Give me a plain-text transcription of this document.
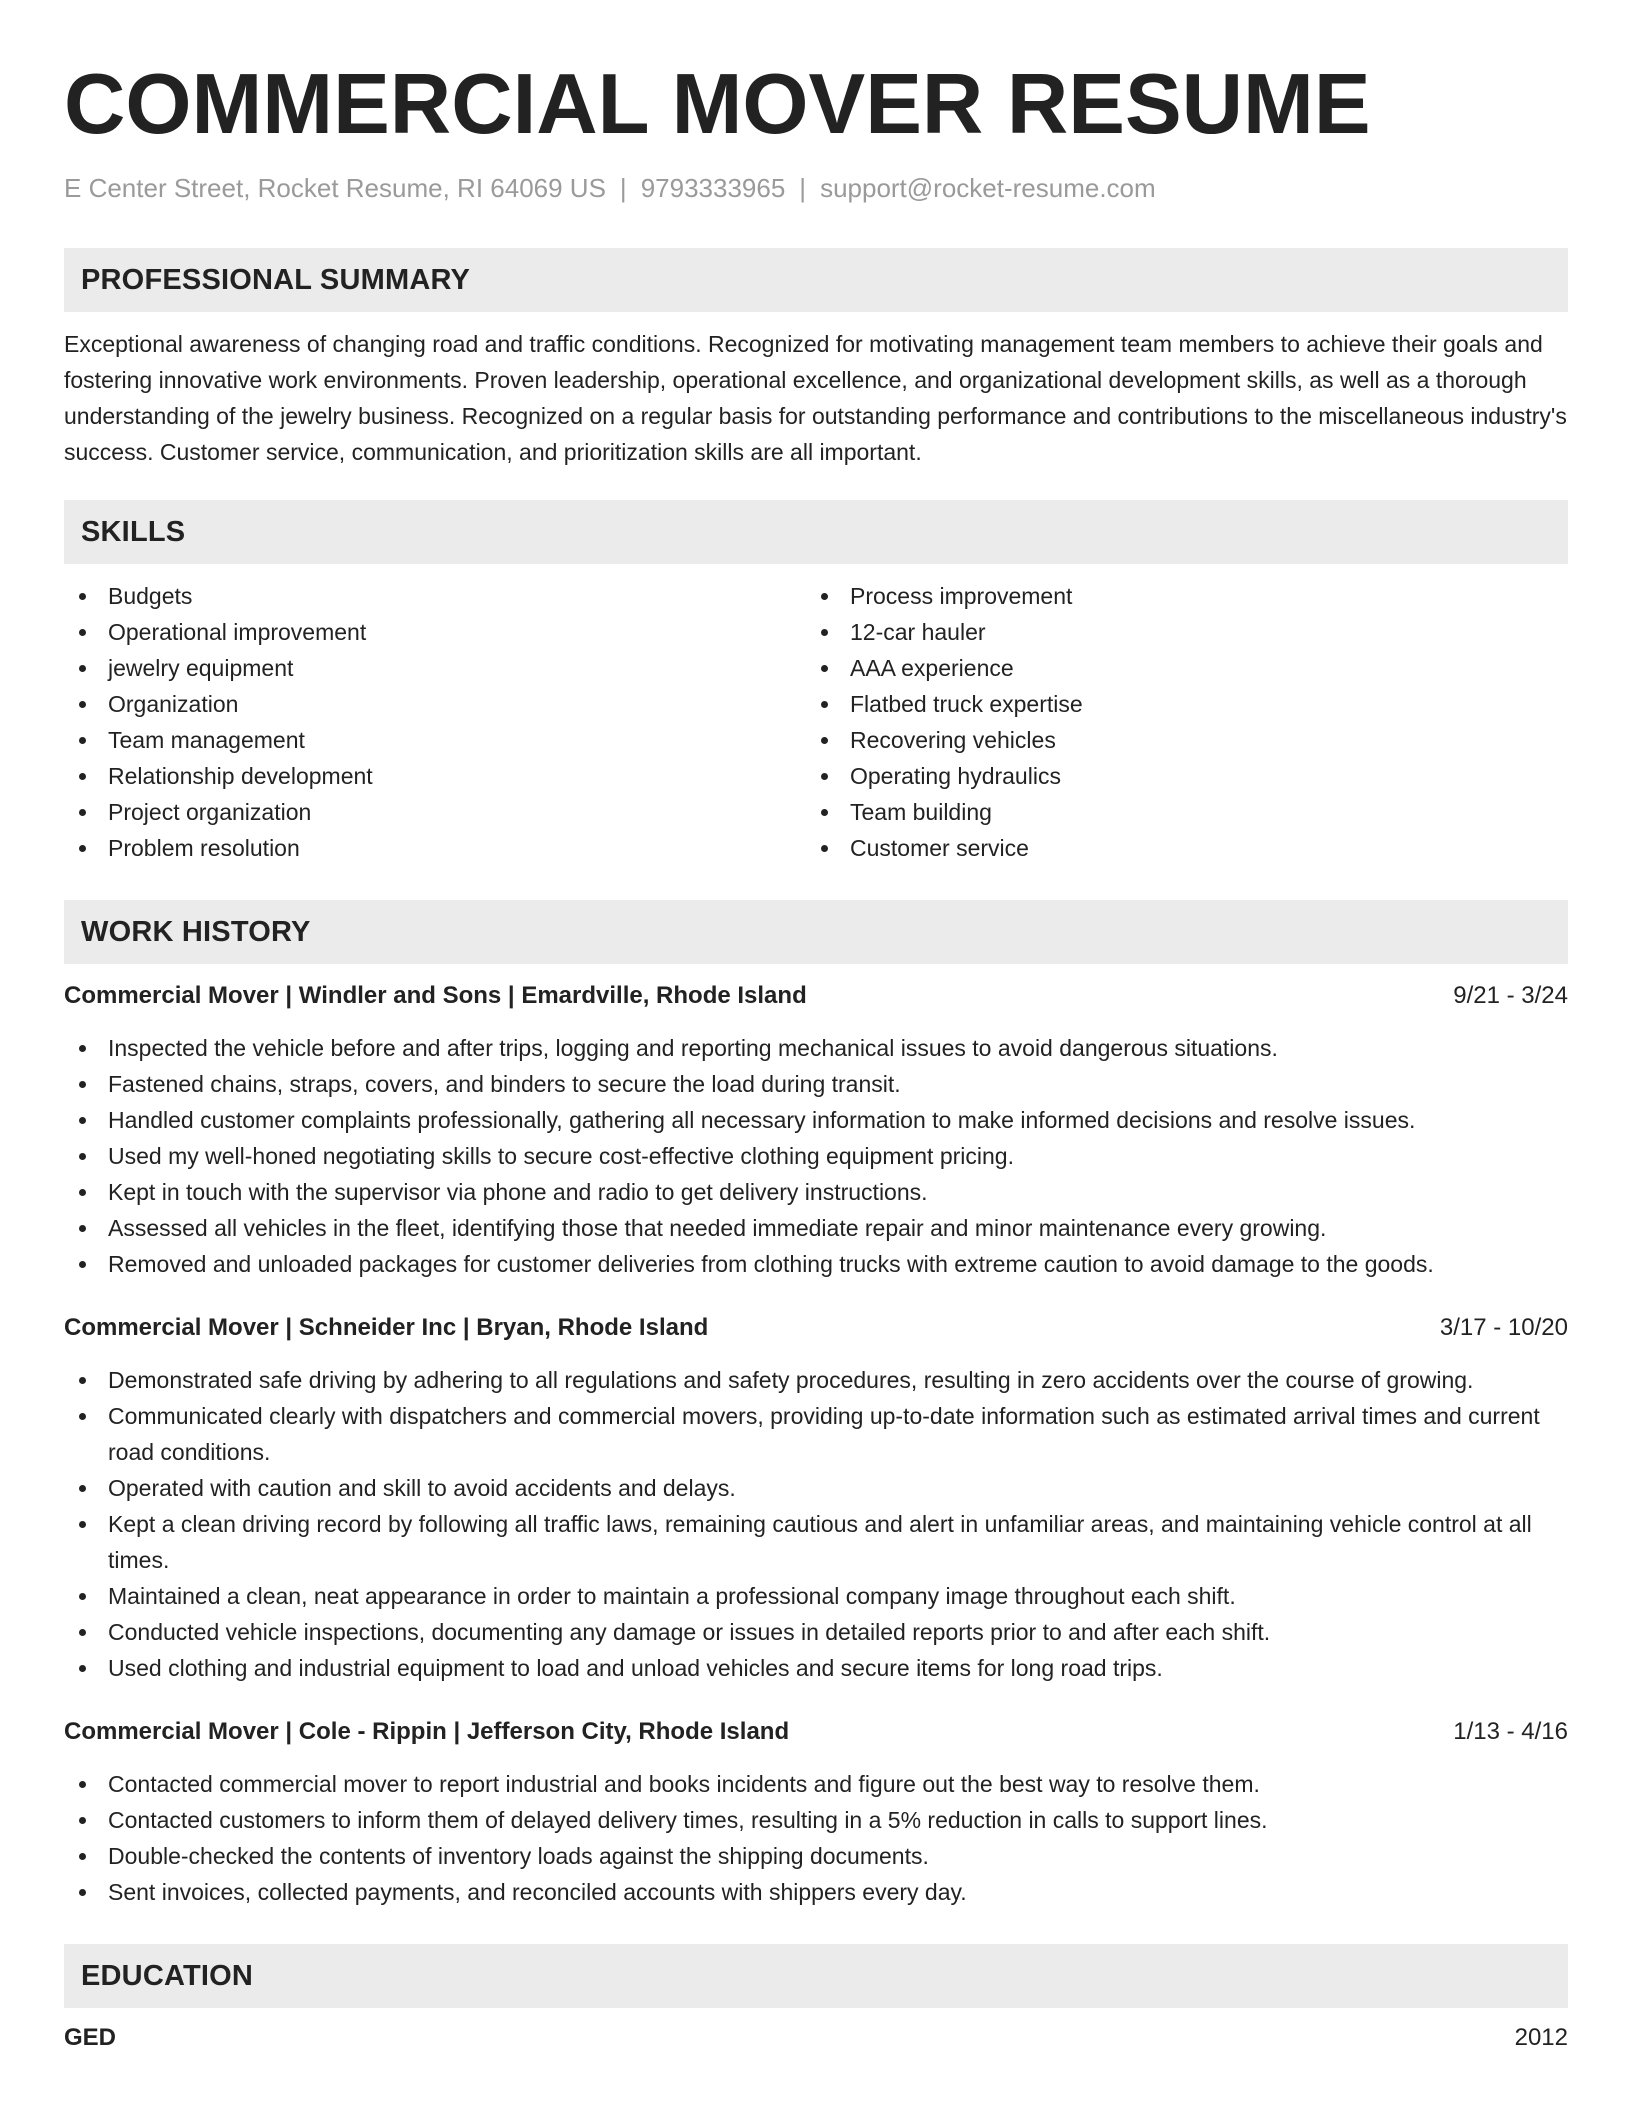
COMMERCIAL MOVER RESUME
E Center Street, Rocket Resume, RI 64069 US | 9793333965 | support@rocket-resume.com
PROFESSIONAL SUMMARY
Exceptional awareness of changing road and traffic conditions. Recognized for motivating management team members to achieve their goals and fostering innovative work environments. Proven leadership, operational excellence, and organizational development skills, as well as a thorough understanding of the jewelry business. Recognized on a regular basis for outstanding performance and contributions to the miscellaneous industry's success. Customer service, communication, and prioritization skills are all important.
SKILLS
Budgets
Operational improvement
jewelry equipment
Organization
Team management
Relationship development
Project organization
Problem resolution
Process improvement
12-car hauler
AAA experience
Flatbed truck expertise
Recovering vehicles
Operating hydraulics
Team building
Customer service
WORK HISTORY
Commercial Mover | Windler and Sons | Emardville, Rhode Island	9/21 - 3/24
Inspected the vehicle before and after trips, logging and reporting mechanical issues to avoid dangerous situations.
Fastened chains, straps, covers, and binders to secure the load during transit.
Handled customer complaints professionally, gathering all necessary information to make informed decisions and resolve issues.
Used my well-honed negotiating skills to secure cost-effective clothing equipment pricing.
Kept in touch with the supervisor via phone and radio to get delivery instructions.
Assessed all vehicles in the fleet, identifying those that needed immediate repair and minor maintenance every growing.
Removed and unloaded packages for customer deliveries from clothing trucks with extreme caution to avoid damage to the goods.
Commercial Mover | Schneider Inc | Bryan, Rhode Island	3/17 - 10/20
Demonstrated safe driving by adhering to all regulations and safety procedures, resulting in zero accidents over the course of growing.
Communicated clearly with dispatchers and commercial movers, providing up-to-date information such as estimated arrival times and current road conditions.
Operated with caution and skill to avoid accidents and delays.
Kept a clean driving record by following all traffic laws, remaining cautious and alert in unfamiliar areas, and maintaining vehicle control at all times.
Maintained a clean, neat appearance in order to maintain a professional company image throughout each shift.
Conducted vehicle inspections, documenting any damage or issues in detailed reports prior to and after each shift.
Used clothing and industrial equipment to load and unload vehicles and secure items for long road trips.
Commercial Mover | Cole - Rippin | Jefferson City, Rhode Island	1/13 - 4/16
Contacted commercial mover to report industrial and books incidents and figure out the best way to resolve them.
Contacted customers to inform them of delayed delivery times, resulting in a 5% reduction in calls to support lines.
Double-checked the contents of inventory loads against the shipping documents.
Sent invoices, collected payments, and reconciled accounts with shippers every day.
EDUCATION
GED	2012
